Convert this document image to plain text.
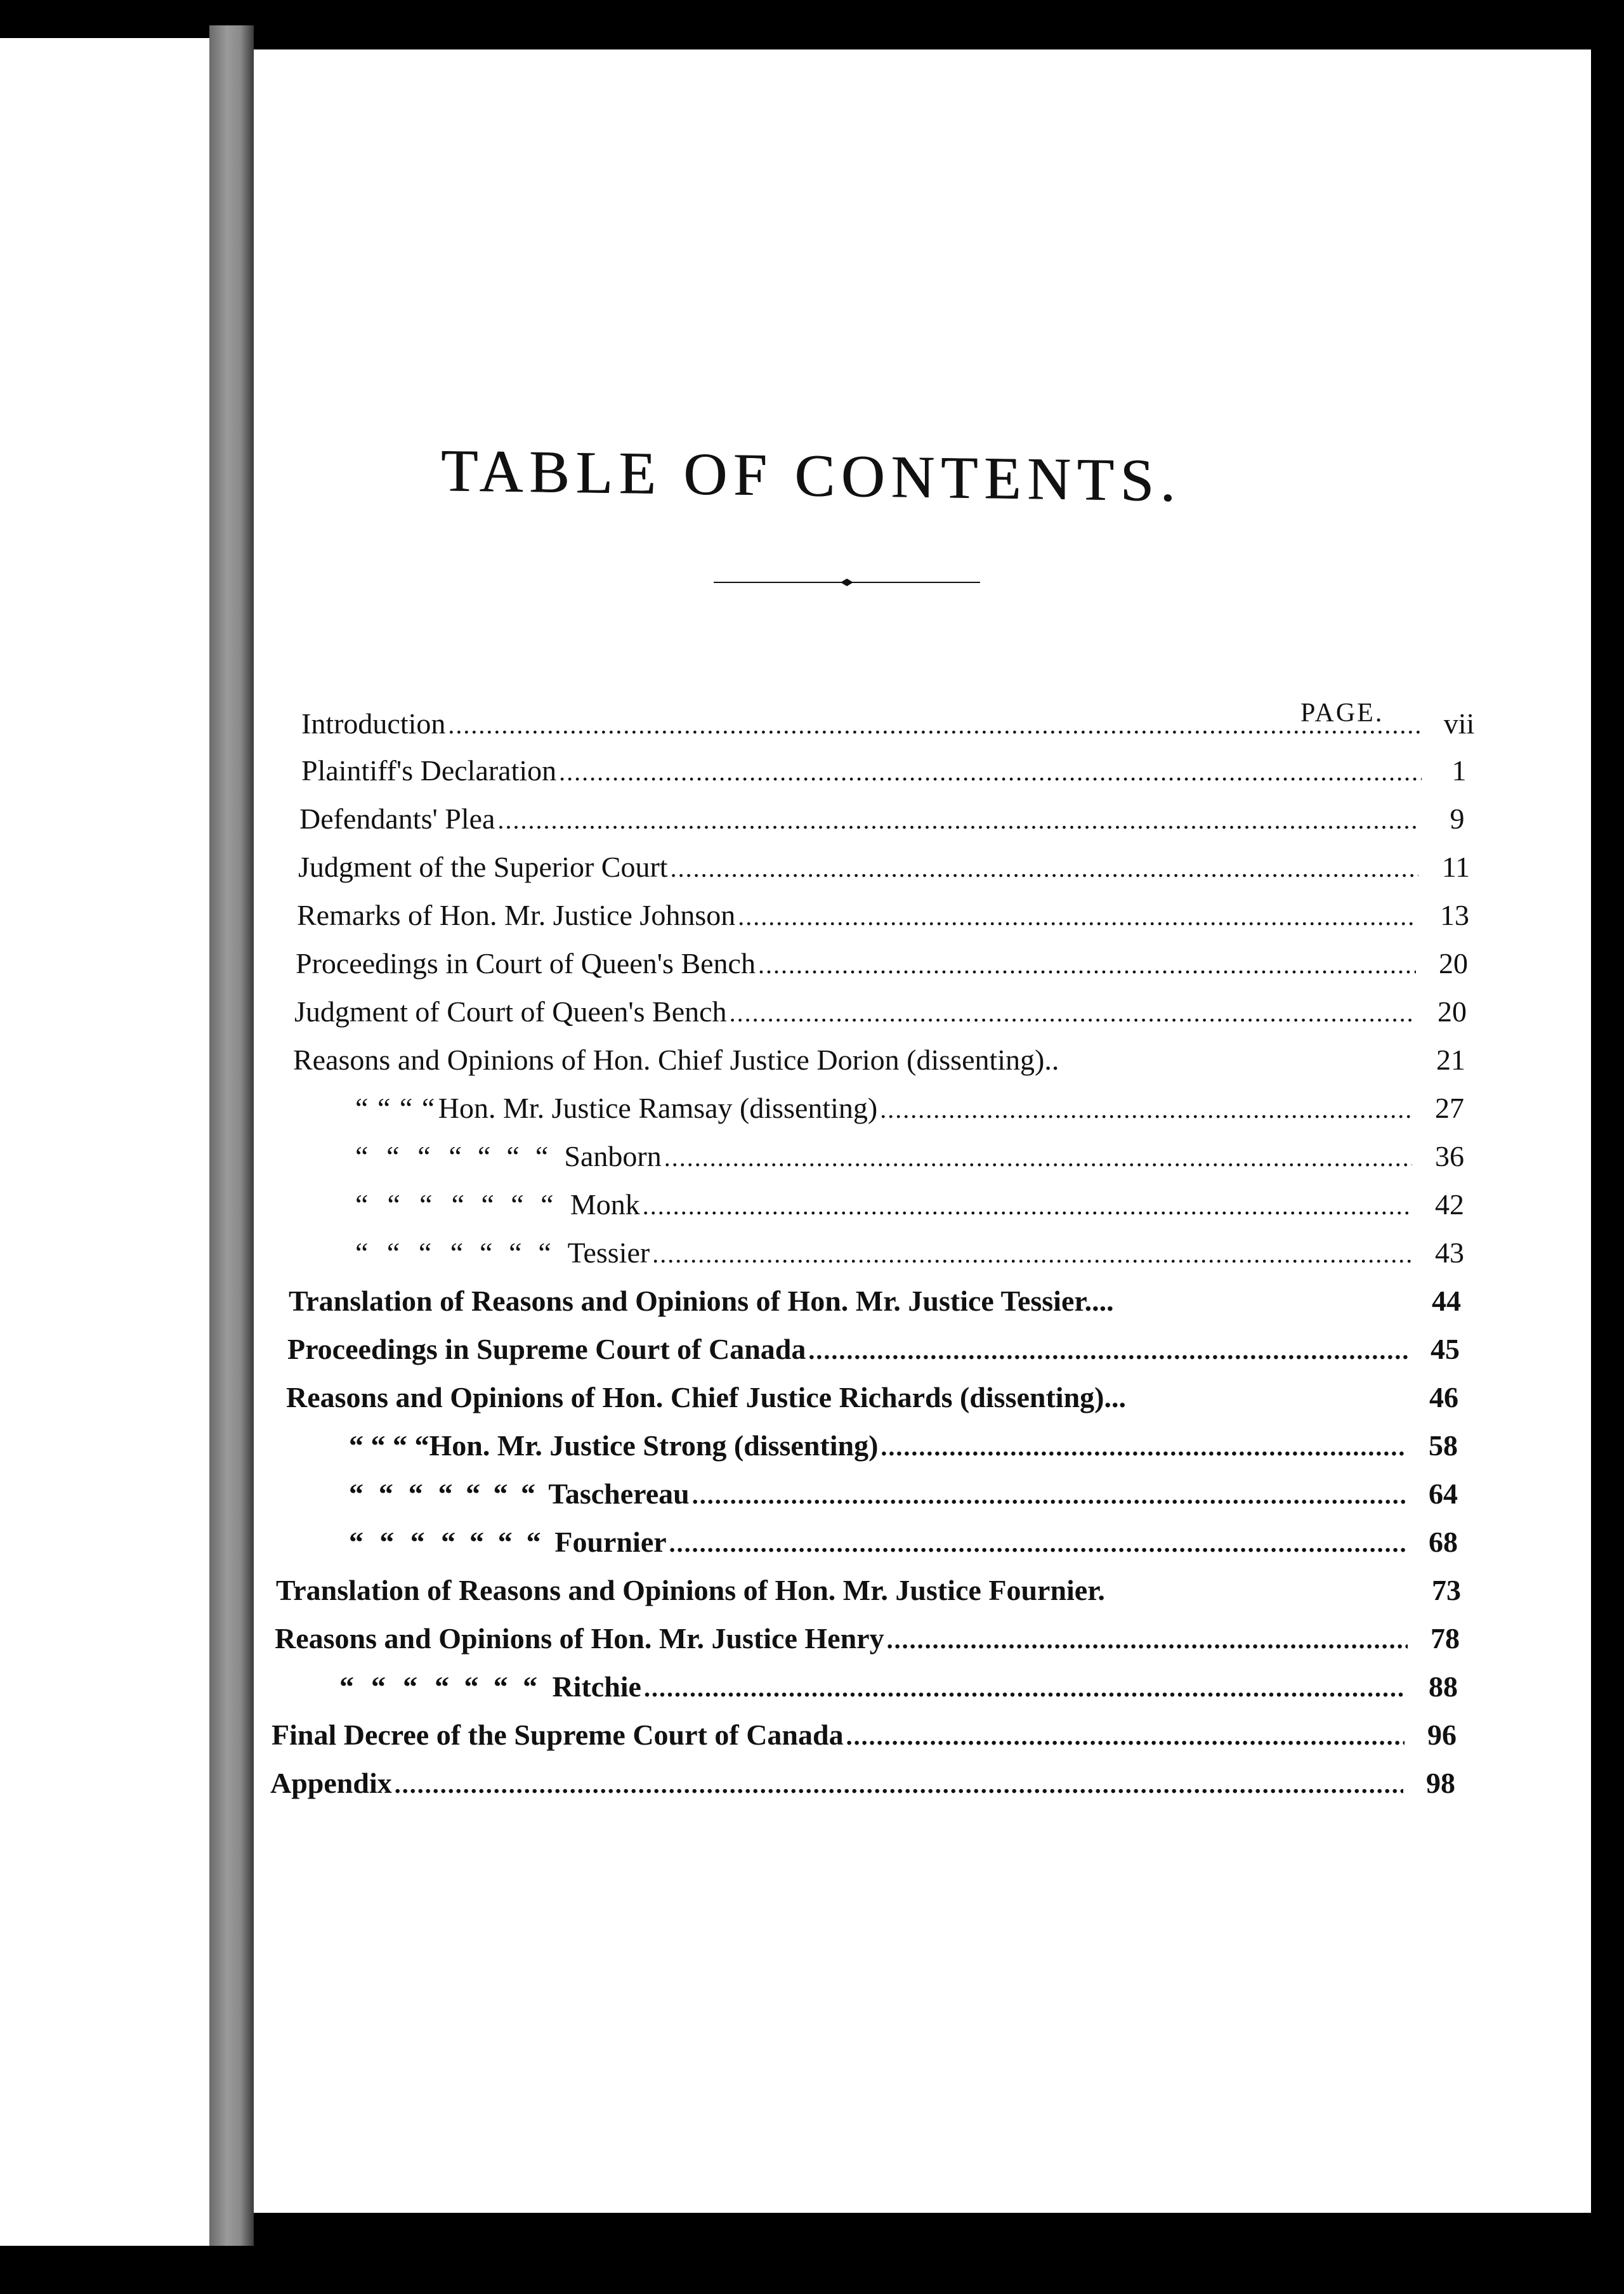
TABLE OF CONTENTS.
PAGE.
Introduction .....	vii
Plaintiff's Declaration .....	1
Defendants' Plea .....	9
Judgment of the Superior Court .....	11
Remarks of Hon. Mr. Justice Johnson .....	13
Proceedings in Court of Queen's Bench .....	20
Judgment of Court of Queen's Bench .....	20
Reasons and Opinions of Hon. Chief Justice Dorion (dissenting)..	21
“ “ “ “ Hon. Mr. Justice Ramsay (dissenting) .....	27
“ “ “ “ “ “ “ Sanborn .....	36
“ “ “ “ “ “ “ Monk .....	42
“ “ “ “ “ “ “ Tessier .....	43
Translation of Reasons and Opinions of Hon. Mr. Justice Tessier....	44
Proceedings in Supreme Court of Canada .....	45
Reasons and Opinions of Hon. Chief Justice Richards (dissenting)...	46
“ “ “ “ Hon. Mr. Justice Strong (dissenting) .....	58
“ “ “ “ “ “ “ Taschereau .....	64
“ “ “ “ “ “ “ Fournier .....	68
Translation of Reasons and Opinions of Hon. Mr. Justice Fournier.	73
Reasons and Opinions of Hon. Mr. Justice Henry .....	78
“ “ “ “ “ “ “ Ritchie .....	88
Final Decree of the Supreme Court of Canada .....	96
Appendix .....	98
